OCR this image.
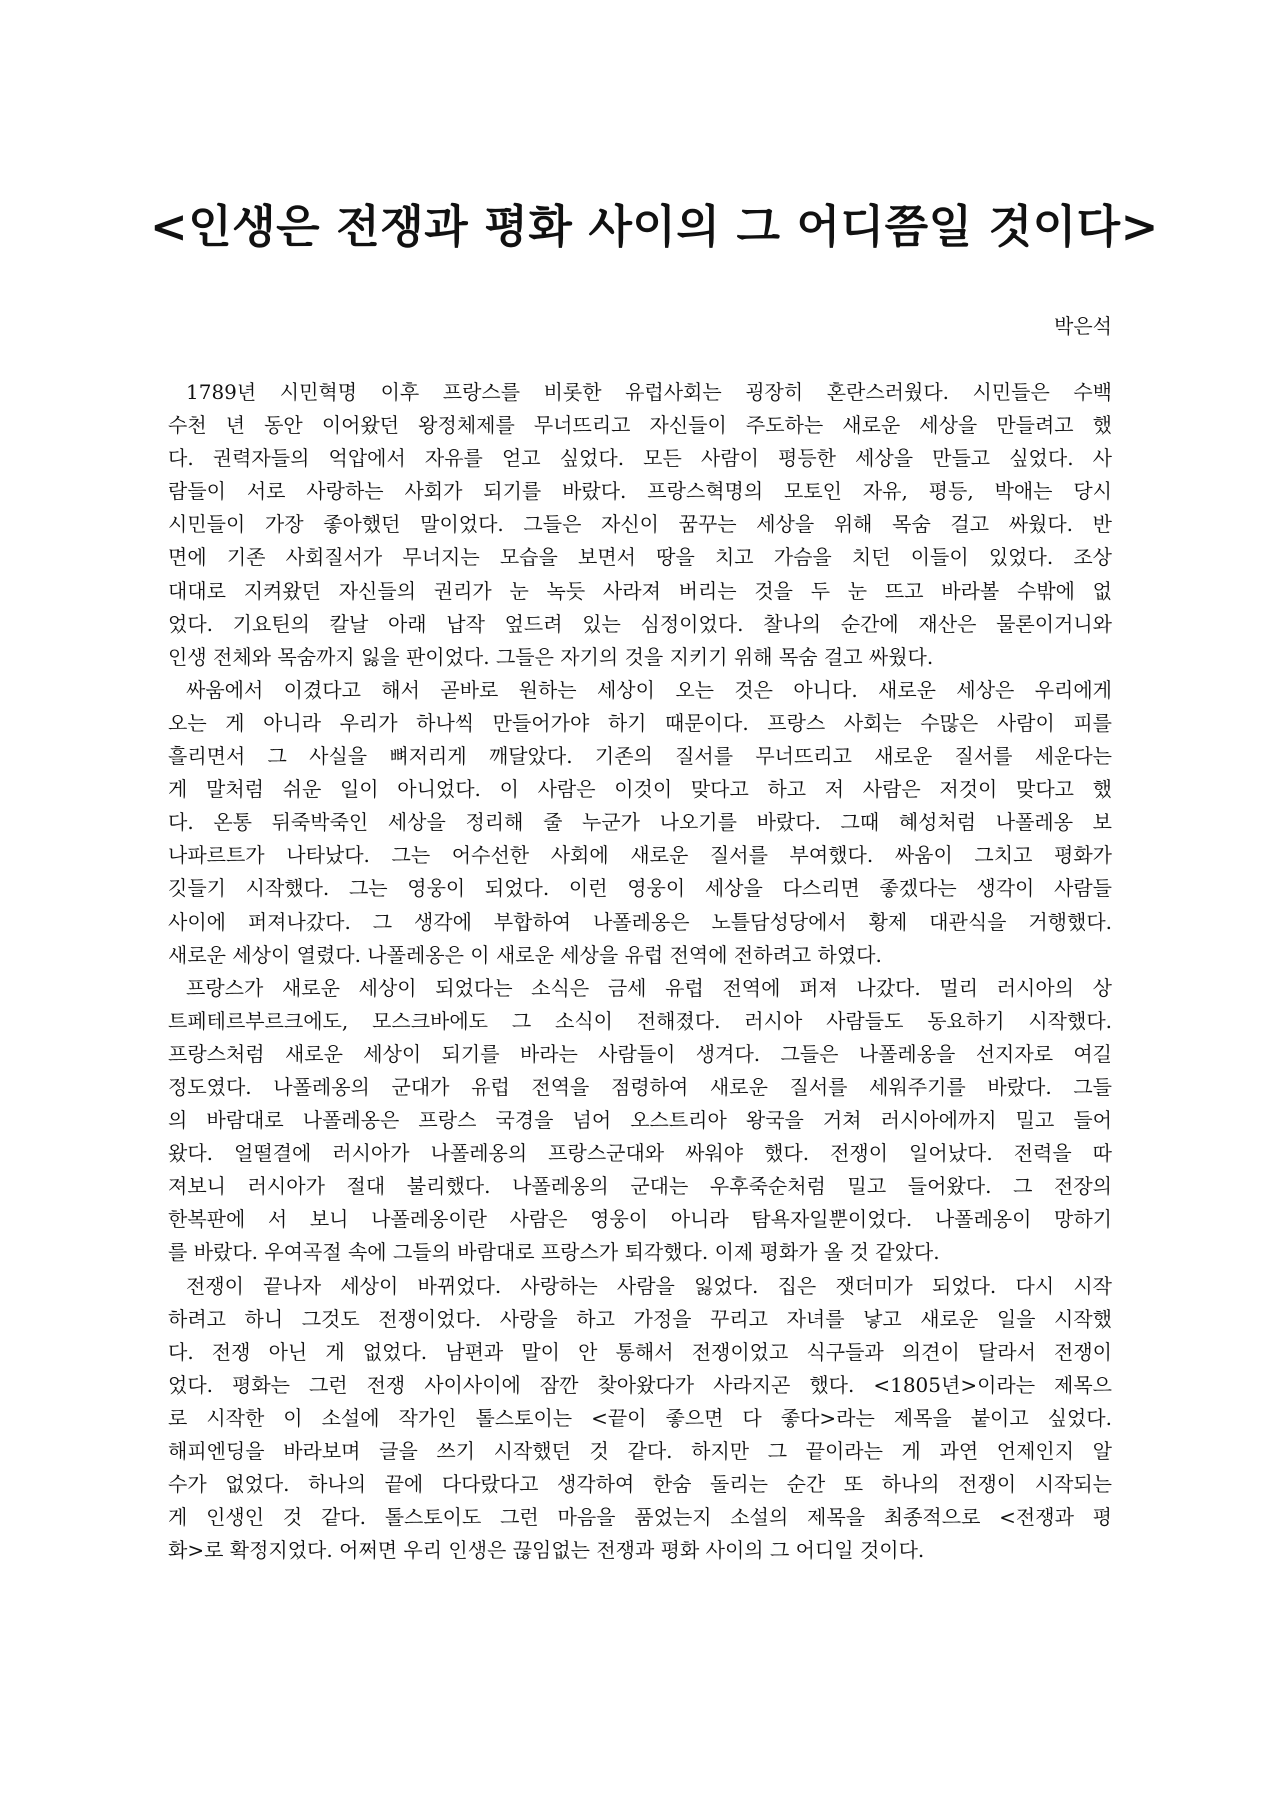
<인생은 전쟁과 평화 사이의 그 어디쯤일 것이다>
박은석
1789년 시민혁명 이후 프랑스를 비롯한 유럽사회는 굉장히 혼란스러웠다. 시민들은 수백
수천 년 동안 이어왔던 왕정체제를 무너뜨리고 자신들이 주도하는 새로운 세상을 만들려고 했
다. 권력자들의 억압에서 자유를 얻고 싶었다. 모든 사람이 평등한 세상을 만들고 싶었다. 사
람들이 서로 사랑하는 사회가 되기를 바랐다. 프랑스혁명의 모토인 자유, 평등, 박애는 당시
시민들이 가장 좋아했던 말이었다. 그들은 자신이 꿈꾸는 세상을 위해 목숨 걸고 싸웠다. 반
면에 기존 사회질서가 무너지는 모습을 보면서 땅을 치고 가슴을 치던 이들이 있었다. 조상
대대로 지켜왔던 자신들의 권리가 눈 녹듯 사라져 버리는 것을 두 눈 뜨고 바라볼 수밖에 없
었다. 기요틴의 칼날 아래 납작 엎드려 있는 심정이었다. 찰나의 순간에 재산은 물론이거니와
인생 전체와 목숨까지 잃을 판이었다. 그들은 자기의 것을 지키기 위해 목숨 걸고 싸웠다.
싸움에서 이겼다고 해서 곧바로 원하는 세상이 오는 것은 아니다. 새로운 세상은 우리에게
오는 게 아니라 우리가 하나씩 만들어가야 하기 때문이다. 프랑스 사회는 수많은 사람이 피를
흘리면서 그 사실을 뼈저리게 깨달았다. 기존의 질서를 무너뜨리고 새로운 질서를 세운다는
게 말처럼 쉬운 일이 아니었다. 이 사람은 이것이 맞다고 하고 저 사람은 저것이 맞다고 했
다. 온통 뒤죽박죽인 세상을 정리해 줄 누군가 나오기를 바랐다. 그때 혜성처럼 나폴레옹 보
나파르트가 나타났다. 그는 어수선한 사회에 새로운 질서를 부여했다. 싸움이 그치고 평화가
깃들기 시작했다. 그는 영웅이 되었다. 이런 영웅이 세상을 다스리면 좋겠다는 생각이 사람들
사이에 퍼져나갔다. 그 생각에 부합하여 나폴레옹은 노틀담성당에서 황제 대관식을 거행했다.
새로운 세상이 열렸다. 나폴레옹은 이 새로운 세상을 유럽 전역에 전하려고 하였다.
프랑스가 새로운 세상이 되었다는 소식은 금세 유럽 전역에 퍼져 나갔다. 멀리 러시아의 상
트페테르부르크에도, 모스크바에도 그 소식이 전해졌다. 러시아 사람들도 동요하기 시작했다.
프랑스처럼 새로운 세상이 되기를 바라는 사람들이 생겨다. 그들은 나폴레옹을 선지자로 여길
정도였다. 나폴레옹의 군대가 유럽 전역을 점령하여 새로운 질서를 세워주기를 바랐다. 그들
의 바람대로 나폴레옹은 프랑스 국경을 넘어 오스트리아 왕국을 거쳐 러시아에까지 밀고 들어
왔다. 얼떨결에 러시아가 나폴레옹의 프랑스군대와 싸워야 했다. 전쟁이 일어났다. 전력을 따
져보니 러시아가 절대 불리했다. 나폴레옹의 군대는 우후죽순처럼 밀고 들어왔다. 그 전장의
한복판에 서 보니 나폴레옹이란 사람은 영웅이 아니라 탐욕자일뿐이었다. 나폴레옹이 망하기
를 바랐다. 우여곡절 속에 그들의 바람대로 프랑스가 퇴각했다. 이제 평화가 올 것 같았다.
전쟁이 끝나자 세상이 바뀌었다. 사랑하는 사람을 잃었다. 집은 잿더미가 되었다. 다시 시작
하려고 하니 그것도 전쟁이었다. 사랑을 하고 가정을 꾸리고 자녀를 낳고 새로운 일을 시작했
다. 전쟁 아닌 게 없었다. 남편과 말이 안 통해서 전쟁이었고 식구들과 의견이 달라서 전쟁이
었다. 평화는 그런 전쟁 사이사이에 잠깐 찾아왔다가 사라지곤 했다. <1805년>이라는 제목으
로 시작한 이 소설에 작가인 톨스토이는 <끝이 좋으면 다 좋다>라는 제목을 붙이고 싶었다.
해피엔딩을 바라보며 글을 쓰기 시작했던 것 같다. 하지만 그 끝이라는 게 과연 언제인지 알
수가 없었다. 하나의 끝에 다다랐다고 생각하여 한숨 돌리는 순간 또 하나의 전쟁이 시작되는
게 인생인 것 같다. 톨스토이도 그런 마음을 품었는지 소설의 제목을 최종적으로 <전쟁과 평
화>로 확정지었다. 어쩌면 우리 인생은 끊임없는 전쟁과 평화 사이의 그 어디일 것이다.
